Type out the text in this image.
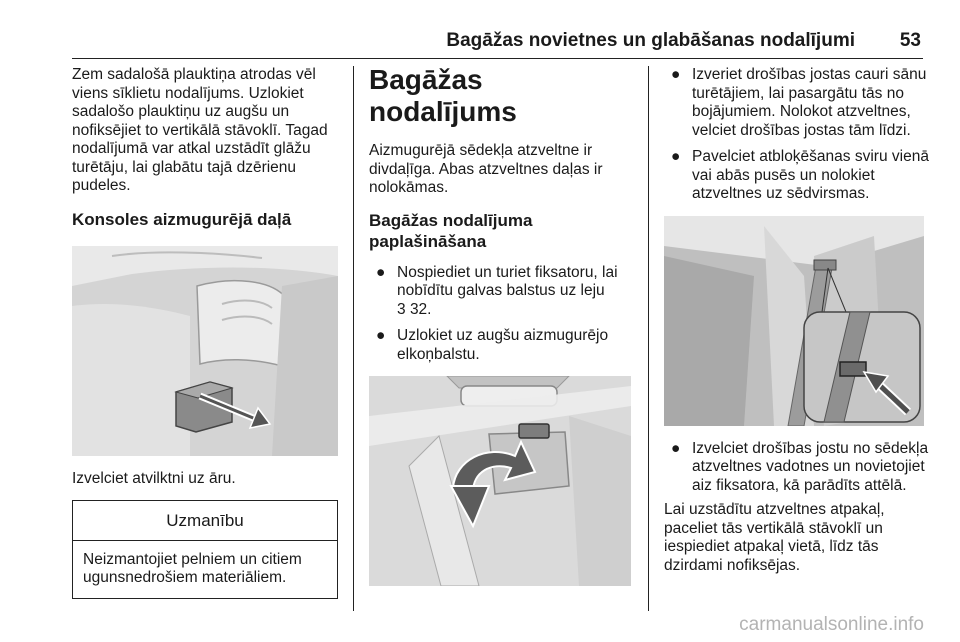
Bagāžas novietnes un glabāšanas nodalījumi 53

Zem sadalošā plauktiņa atrodas vēl viens sīklietu nodalījums. Uzlokiet sadalošo plauktiņu uz augšu un nofiksējiet to vertikālā stāvoklī. Tagad nodalījumā var atkal uzstādīt glāžu turētāju, lai glabātu tajā dzērienu pudeles.

Konsoles aizmugurējā daļā

Izvelciet atvilktni uz āru.

Uzmanību
Neizmantojiet pelniem un citiem ugunsnedrošiem materiāliem.

Bagāžas nodalījums

Aizmugurējā sēdekļa atzveltne ir divdaļīga. Abas atzveltnes daļas ir nolokāmas.

Bagāžas nodalījuma paplašināšana

● Nospiediet un turiet fiksatoru, lai nobīdītu galvas balstus uz leju
3 32.
● Uzlokiet uz augšu aizmugurējo elkoņbalstu.
● Izveriet drošības jostas cauri sānu turētājiem, lai pasargātu tās no bojājumiem. Nolokot atzveltnes, velciet drošības jostas tām līdzi.
● Pavelciet atbloķēšanas sviru vienā vai abās pusēs un nolokiet atzveltnes uz sēdvirsmas.
● Izvelciet drošības jostu no sēdekļa atzveltnes vadotnes un novietojiet aiz fiksatora, kā parādīts attēlā.

Lai uzstādītu atzveltnes atpakaļ, paceliet tās vertikālā stāvoklī un iespiediet atpakaļ vietā, līdz tās dzirdami nofiksējas.

carmanualsonline.info
